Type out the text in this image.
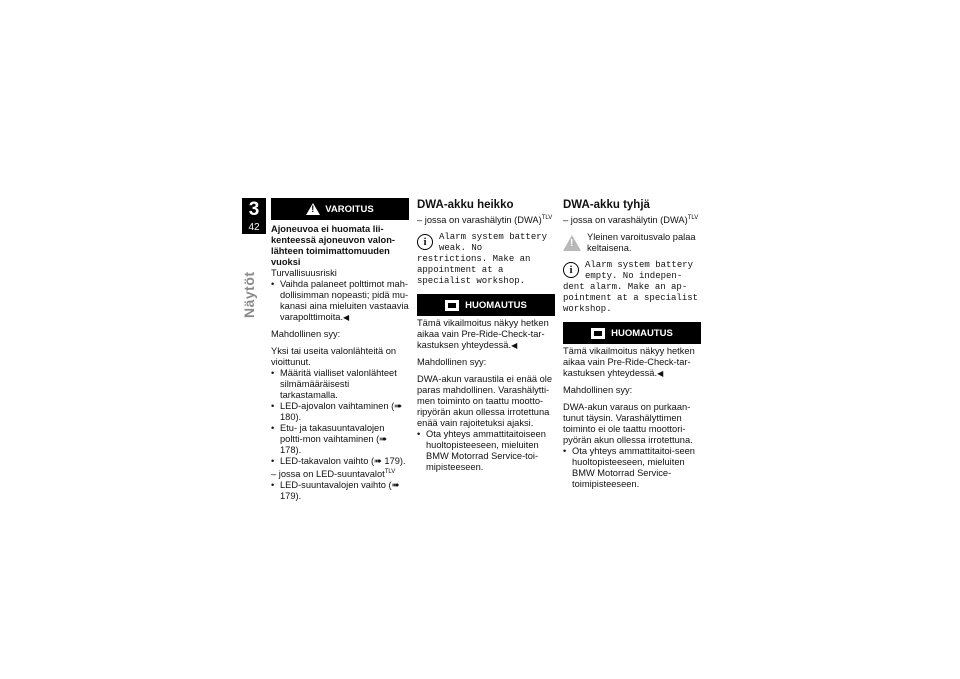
3
42
Näytöt
!
VAROITUS

Ajoneuvoa ei huomata lii-kenteessä ajoneuvon valon-lähteen toimimattomuuden vuoksi

Turvallisuusriski

• Vaihda palaneet polttimot mah-dollisimman nopeasti; pidä mu-kanasi aina mieluiten vastaavia varapolttimoita.◀

Mahdollinen syy:

Yksi tai useita valonlähteitä on vioittunut.

• Määritä vialliset valonlähteet silmämääräisesti tarkastamalla.
• LED-ajovalon vaihtaminen (➠ 180).
• Etu- ja takasuuntavalojen poltti-mon vaihtaminen (➠ 178).
• LED-takavalon vaihto (➠ 179).

– jossa on LED-suuntavalot$^{TLV}$

• LED-suuntavalojen vaihto (➠ 179).

DWA-akku heikko

– jossa on varashälytin (DWA)$^{TLV}$

i	Alarm system battery weak. No restrictions. Make an appointment at a specialist workshop.
HUOMAUTUS

Tämä vikailmoitus näkyy hetken aikaa vain Pre-Ride-Check-tar-kastuksen yhteydessä.◀

Mahdollinen syy:

DWA-akun varaustila ei enää ole paras mahdollinen. Varashälytti-men toiminto on taattu mootto-ripyörän akun ollessa irrotettuna enää vain rajoitetuksi ajaksi.

• Ota yhteys ammattitaitoiseen huoltopisteeseen, mieluiten BMW Motorrad Service-toi-mipisteeseen.

DWA-akku tyhjä

– jossa on varashälytin (DWA)$^{TLV}$

!
Yleinen varoitusvalo palaa keltaisena.
i	Alarm system battery empty. No indepen-dent alarm. Make an ap-pointment at a specialist workshop.
HUOMAUTUS

Tämä vikailmoitus näkyy hetken aikaa vain Pre-Ride-Check-tar-kastuksen yhteydessä.◀

Mahdollinen syy:

DWA-akun varaus on purkaan-tunut täysin. Varashälyttimen toiminto ei ole taattu moottori-pyörän akun ollessa irrotettuna.

• Ota yhteys ammattitaitoi-seen huoltopisteeseen, mieluiten BMW Motorrad Service-toimipisteeseen.
